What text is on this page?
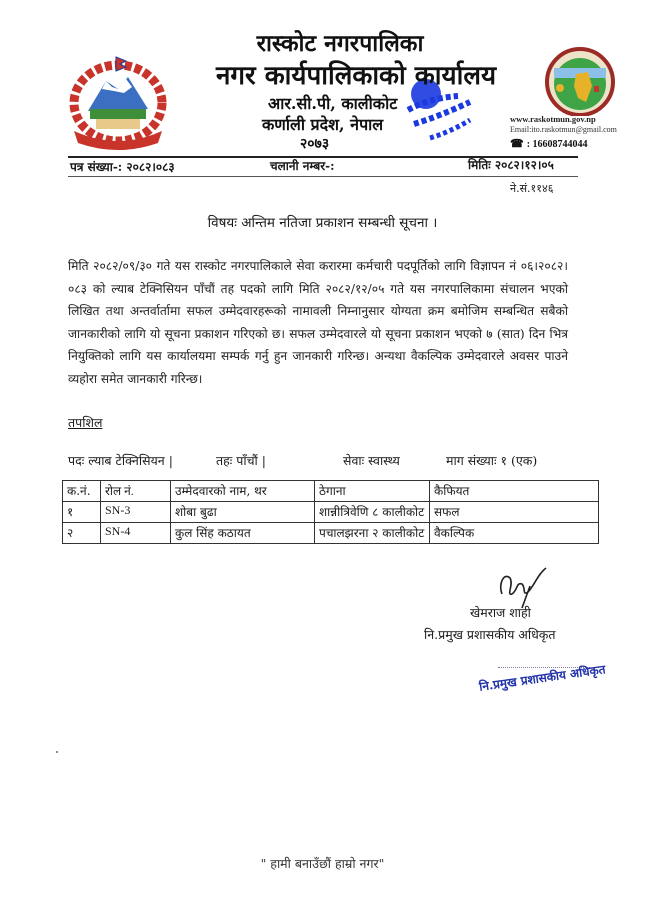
रास्कोट नगरपालिका
नगर कार्यपालिकाको कार्यालय
आर.सी.पी, कालीकोट
कर्णाली प्रदेश, नेपाल
२०७३
www.raskotmun.gov.np
Email:ito.raskotmun@gmail.com
☎ : 16608744044
पत्र संख्या-: २०८२।०८३	चलानी नम्बर-:	मितिः २०८२।१२।०५
ने.सं.११४६
विषयः अन्तिम नतिजा प्रकाशन सम्बन्धी सूचना ।
मिति २०८२/०९/३० गते यस रास्कोट नगरपालिकाले सेवा करारमा कर्मचारी पदपूर्तिको लागि विज्ञापन नं ०६।२०८२।०८३ को ल्याब टेक्निसियन पाँचौं तह पदको लागि मिति २०८२/१२/०५ गते यस नगरपालिकामा संचालन भएको लिखित तथा अन्तर्वार्तामा सफल उम्मेदवारहरूको नामावली निम्नानुसार योग्यता क्रम बमोजिम सम्बन्धित सबैको जानकारीको लागि यो सूचना प्रकाशन गरिएको छ। सफल उम्मेदवारले यो सूचना प्रकाशन भएको ७ (सात) दिन भित्र नियुक्तिको लागि यस कार्यालयमा सम्पर्क गर्नु हुन जानकारी गरिन्छ। अन्यथा वैकल्पिक उम्मेदवारले अवसर पाउने व्यहोरा समेत जानकारी गरिन्छ।
तपशिल
पदः ल्याब टेक्निसियन |	तहः पाँचौं |	सेवाः स्वास्थ्य	माग संख्याः १ (एक)
क.नं.	रोल नं.	उम्मेदवारको नाम, थर	ठेगाना	कैफियत
१	SN-3	शोबा बुढा	शान्नीत्रिवेणि ८ कालीकोट	सफल
२	SN-4	कुल सिंह कठायत	पचालझरना २ कालीकोट	वैकल्पिक
खेमराज शाही
नि.प्रमुख प्रशासकीय अधिकृत
नि.प्रमुख प्रशासकीय अधिकृत
" हामी बनाउँछौं हाम्रो नगर"
